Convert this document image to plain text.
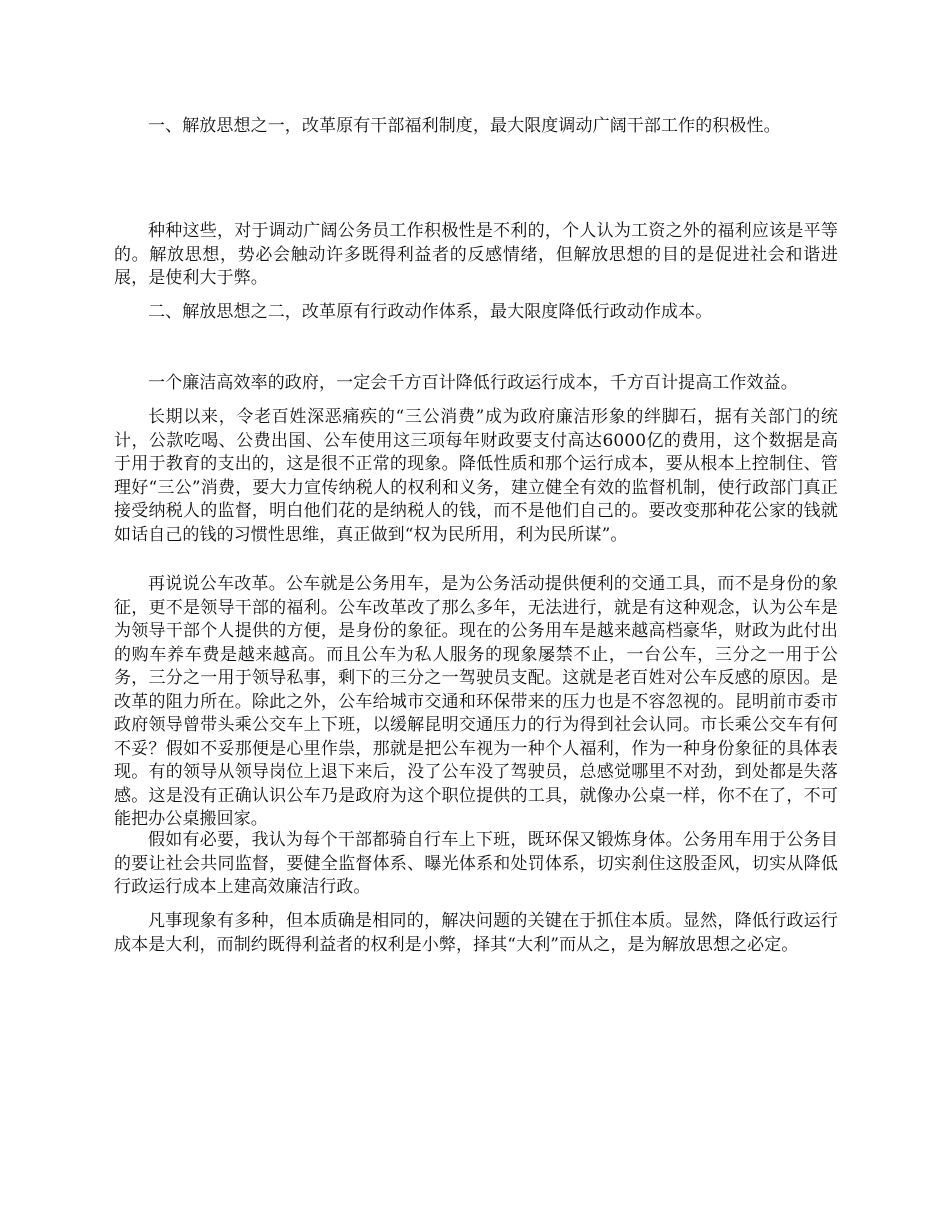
一、解放思想之一，改革原有干部福利制度，最大限度调动广阔干部工作的积极性。

种种这些，对于调动广阔公务员工作积极性是不利的，个人认为工资之外的福利应该是平等的。解放思想，势必会触动许多既得利益者的反感情绪，但解放思想的目的是促进社会和谐进展，是使利大于弊。

二、解放思想之二，改革原有行政动作体系，最大限度降低行政动作成本。

一个廉洁高效率的政府，一定会千方百计降低行政运行成本，千方百计提高工作效益。

长期以来，令老百姓深恶痛疾的“三公消费”成为政府廉洁形象的绊脚石，据有关部门的统计，公款吃喝、公费出国、公车使用这三项每年财政要支付高达6000亿的费用，这个数据是高于用于教育的支出的，这是很不正常的现象。降低性质和那个运行成本，要从根本上控制住、管理好“三公”消费，要大力宣传纳税人的权利和义务，建立健全有效的监督机制，使行政部门真正接受纳税人的监督，明白他们花的是纳税人的钱，而不是他们自己的。要改变那种花公家的钱就如话自己的钱的习惯性思维，真正做到“权为民所用，利为民所谋”。

再说说公车改革。公车就是公务用车，是为公务活动提供便利的交通工具，而不是身份的象征，更不是领导干部的福利。公车改革改了那么多年，无法进行，就是有这种观念，认为公车是为领导干部个人提供的方便，是身份的象征。现在的公务用车是越来越高档豪华，财政为此付出的购车养车费是越来越高。而且公车为私人服务的现象屡禁不止，一台公车，三分之一用于公务，三分之一用于领导私事，剩下的三分之一驾驶员支配。这就是老百姓对公车反感的原因。是改革的阻力所在。除此之外，公车给城市交通和环保带来的压力也是不容忽视的。昆明前市委市政府领导曾带头乘公交车上下班，以缓解昆明交通压力的行为得到社会认同。市长乘公交车有何不妥？假如不妥那便是心里作祟，那就是把公车视为一种个人福利，作为一种身份象征的具体表现。有的领导从领导岗位上退下来后，没了公车没了驾驶员，总感觉哪里不对劲，到处都是失落感。这是没有正确认识公车乃是政府为这个职位提供的工具，就像办公桌一样，你不在了，不可能把办公桌搬回家。

假如有必要，我认为每个干部都骑自行车上下班，既环保又锻炼身体。公务用车用于公务目的要让社会共同监督，要健全监督体系、曝光体系和处罚体系，切实刹住这股歪风，切实从降低行政运行成本上建高效廉洁行政。

凡事现象有多种，但本质确是相同的，解决问题的关键在于抓住本质。显然，降低行政运行成本是大利，而制约既得利益者的权利是小弊，择其“大利”而从之，是为解放思想之必定。
